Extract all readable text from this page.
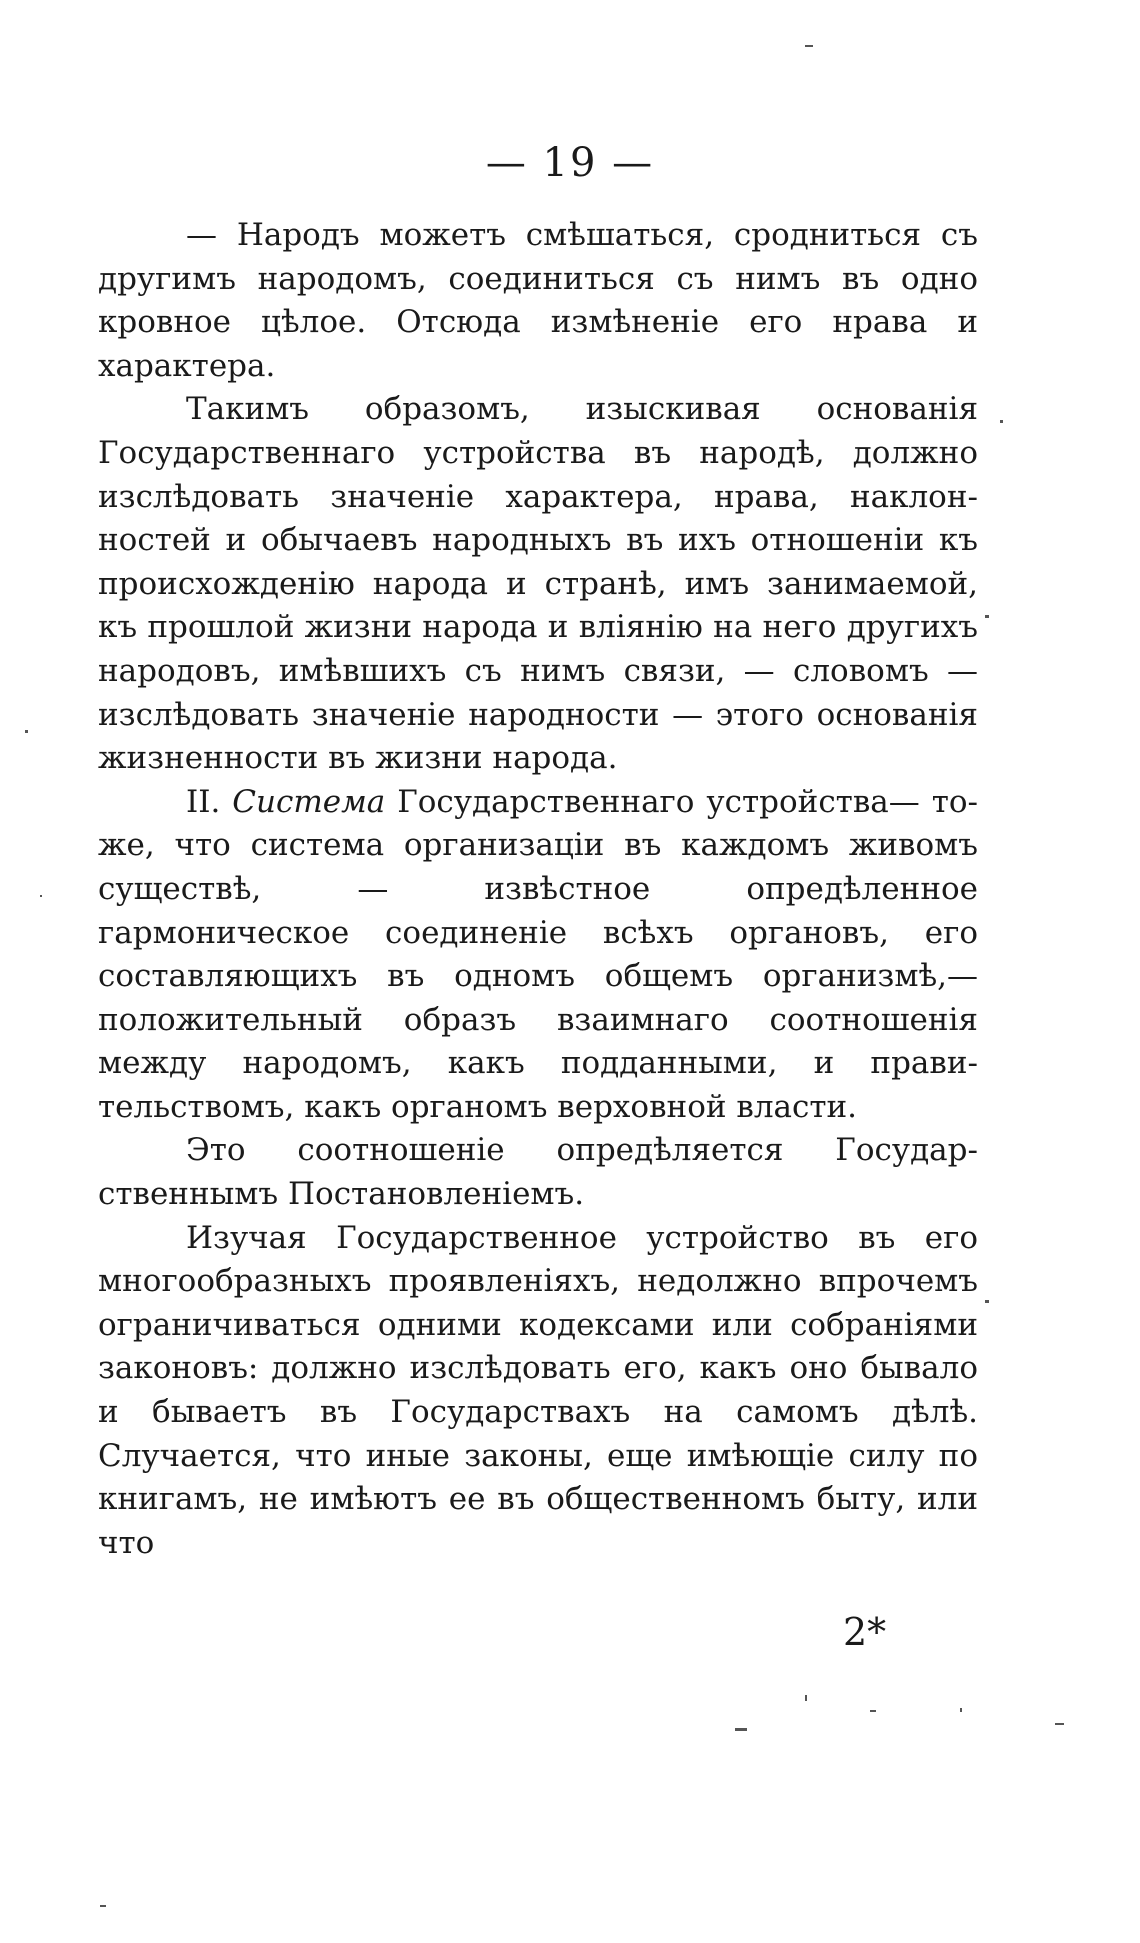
— 19 —

— Народъ можетъ смѣшаться, сродниться съ другимъ народомъ, соединиться съ нимъ въ одно кровное цѣлое. Отсюда измѣненіе его нрава и характера.

Такимъ образомъ, изыскивая основанія Государственнаго устройства въ народѣ, должно изслѣдовать значеніе характера, нрава, наклонностей и обычаевъ народныхъ въ ихъ отношеніи къ происхожденію народа и странѣ, имъ занимаемой, къ прошлой жизни народа и вліянію на него другихъ народовъ, имѣвшихъ съ нимъ связи, — словомъ — изслѣдовать значеніе народности — этого основанія жизненности въ жизни народа.

II. Система Государственнаго устройства— то-же, что система организаціи въ каждомъ живомъ существѣ, — извѣстное опредѣленное гармоническое соединеніе всѣхъ органовъ, его составляющихъ въ одномъ общемъ организмѣ,— положительный образъ взаимнаго соотношенія между народомъ, какъ подданными, и правительствомъ, какъ органомъ верховной власти.

Это соотношеніе опредѣляется Государственнымъ Постановленіемъ.

Изучая Государственное устройство въ его многообразныхъ проявленіяхъ, недолжно впрочемъ ограничиваться одними кодексами или собраніями законовъ: должно изслѣдовать его, какъ оно бывало и бываетъ въ Государствахъ на самомъ дѣлѣ. Случается, что иные законы, еще имѣющіе силу по книгамъ, не имѣютъ ее въ общественномъ быту, или что

2*
